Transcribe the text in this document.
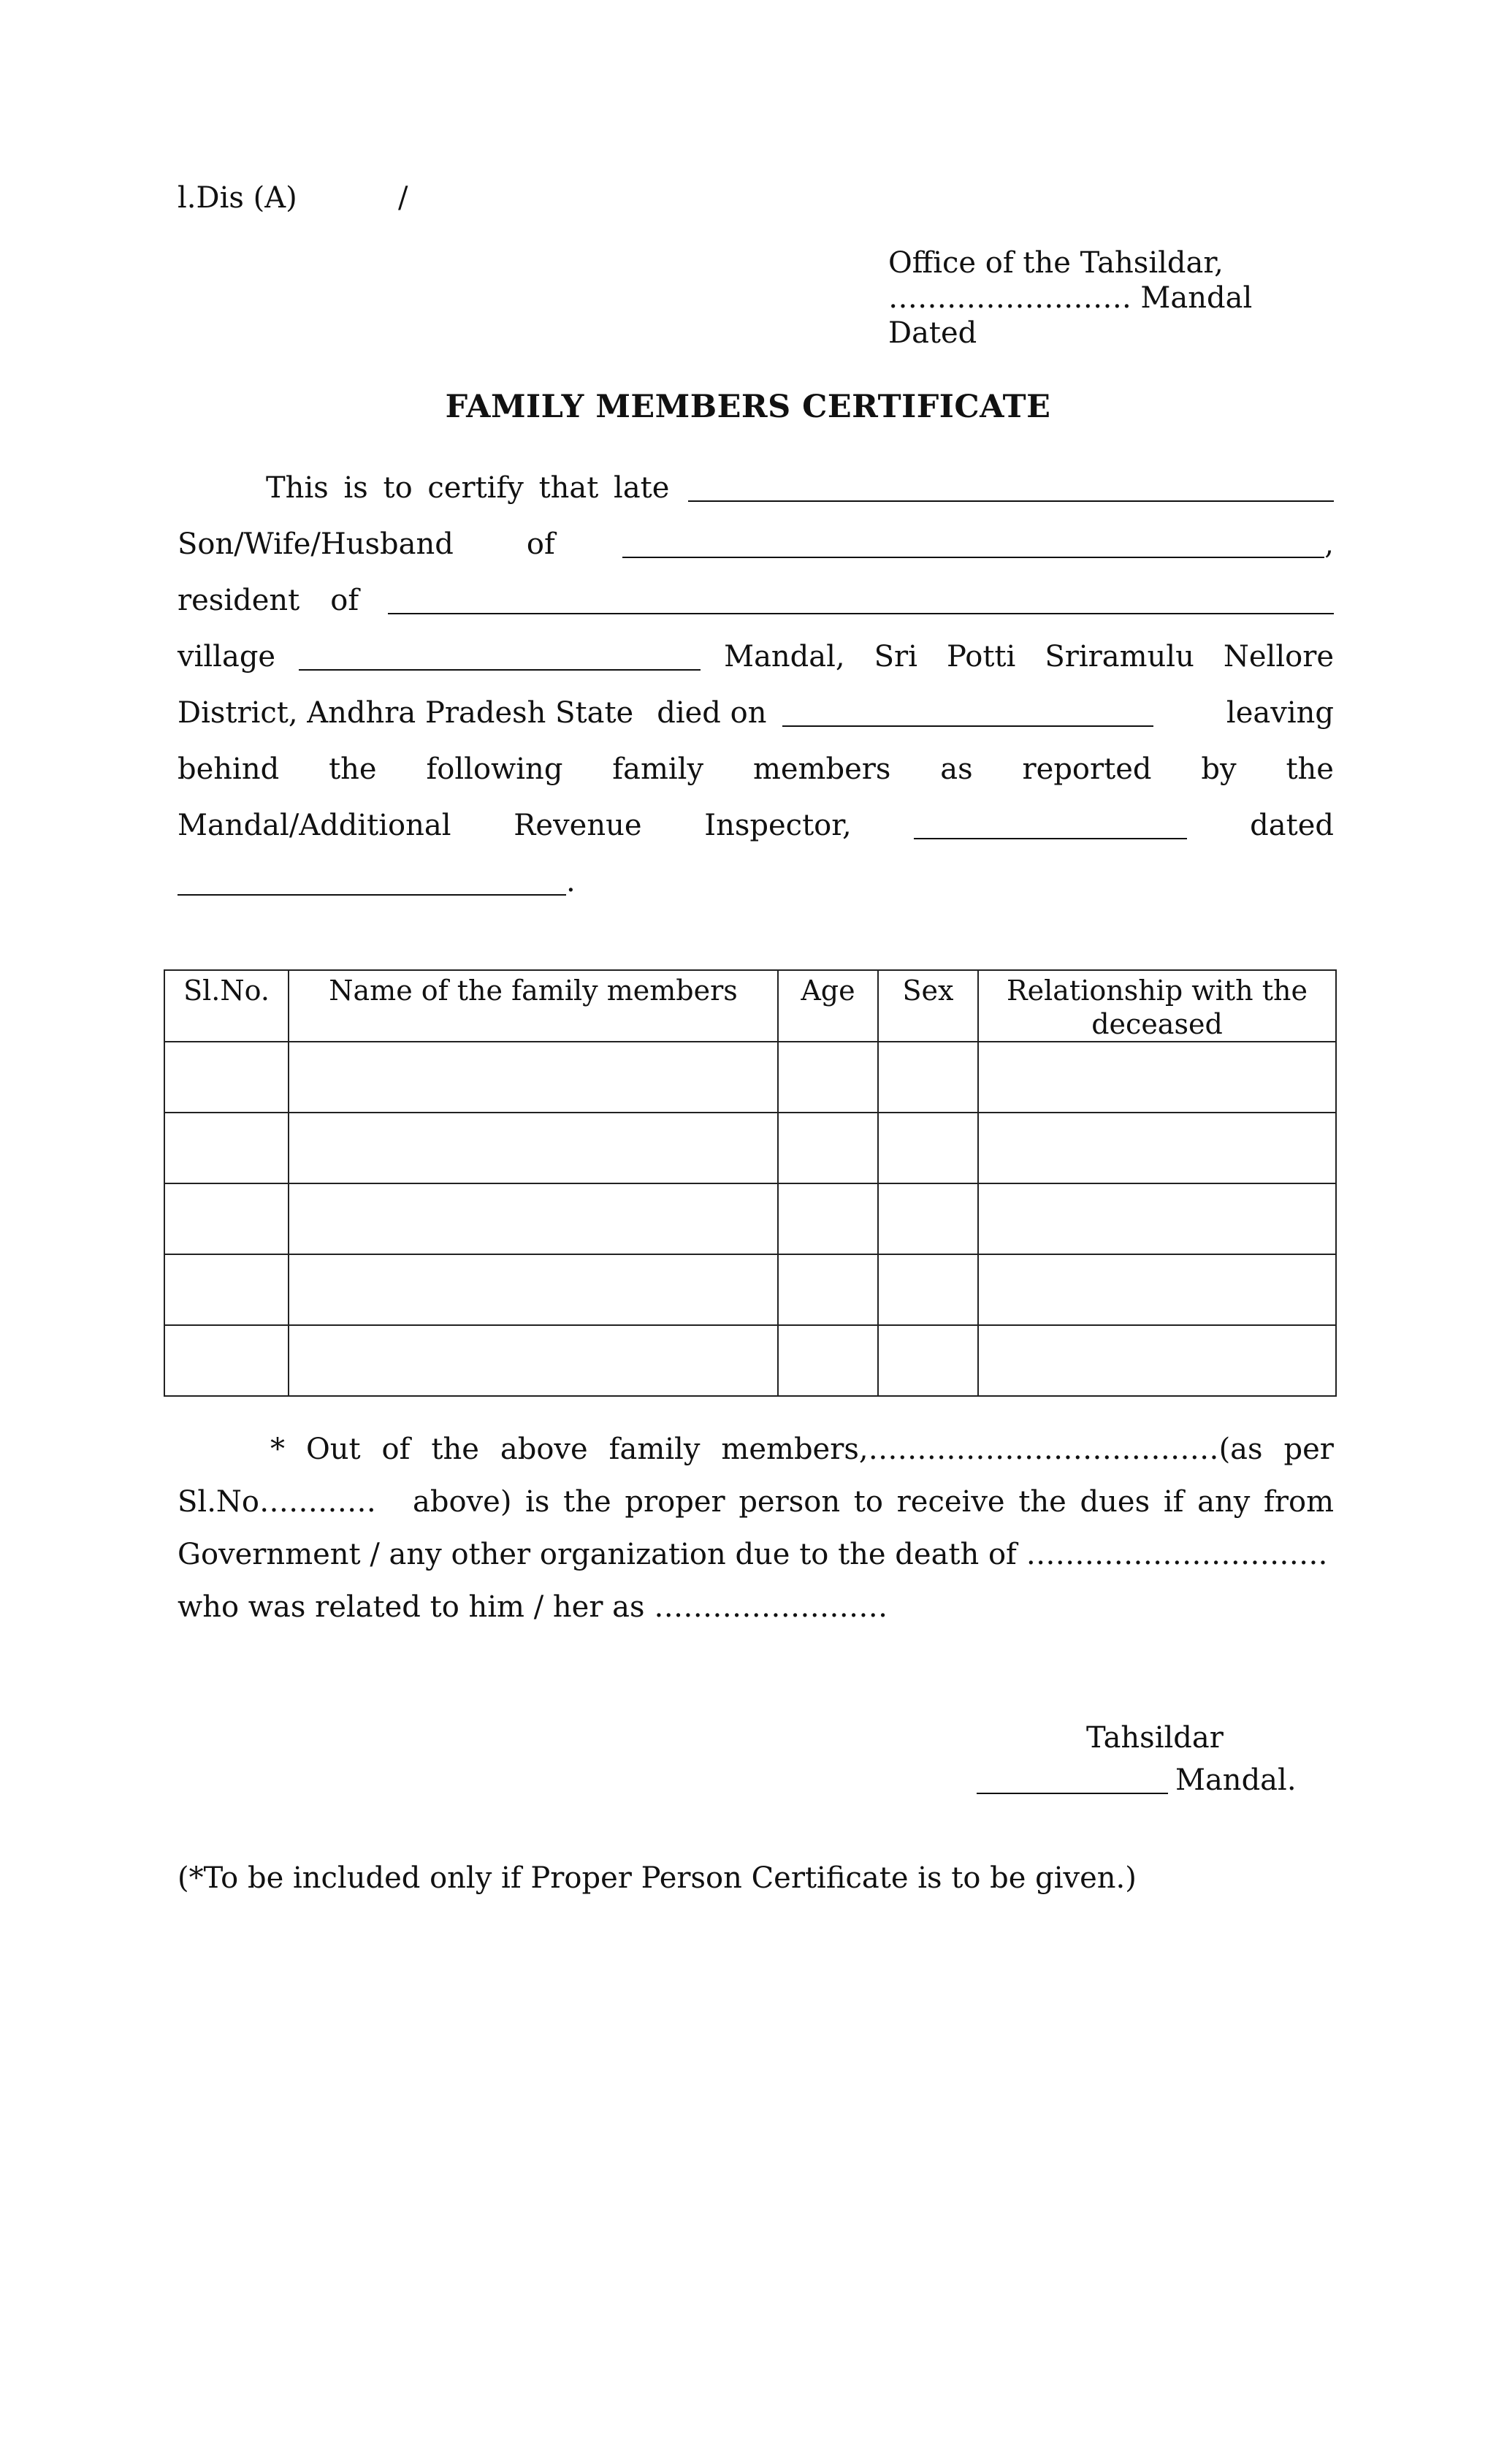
l.Dis (A)	/
Office of the Tahsildar,
……………………. Mandal
Dated
FAMILY MEMBERS CERTIFICATE
This is to certify that late
Son/Wife/Husband	of	,
resident of
village	Mandal, Sri Potti Sriramulu Nellore
District, Andhra Pradesh State died on	leaving
behind the following family members as reported by the
Mandal/Additional Revenue Inspector,	dated
.
Sl.No.	Name of the family members	Age	Sex	Relationship with the deceased

* Out of the above family members,………………………………(as per
Sl.No………… above) is the proper person to receive the dues if any from
Government / any other organization due to the death of ………………………….
who was related to him / her as ……………………
Tahsildar
Mandal.
(*To be included only if Proper Person Certificate is to be given.)
